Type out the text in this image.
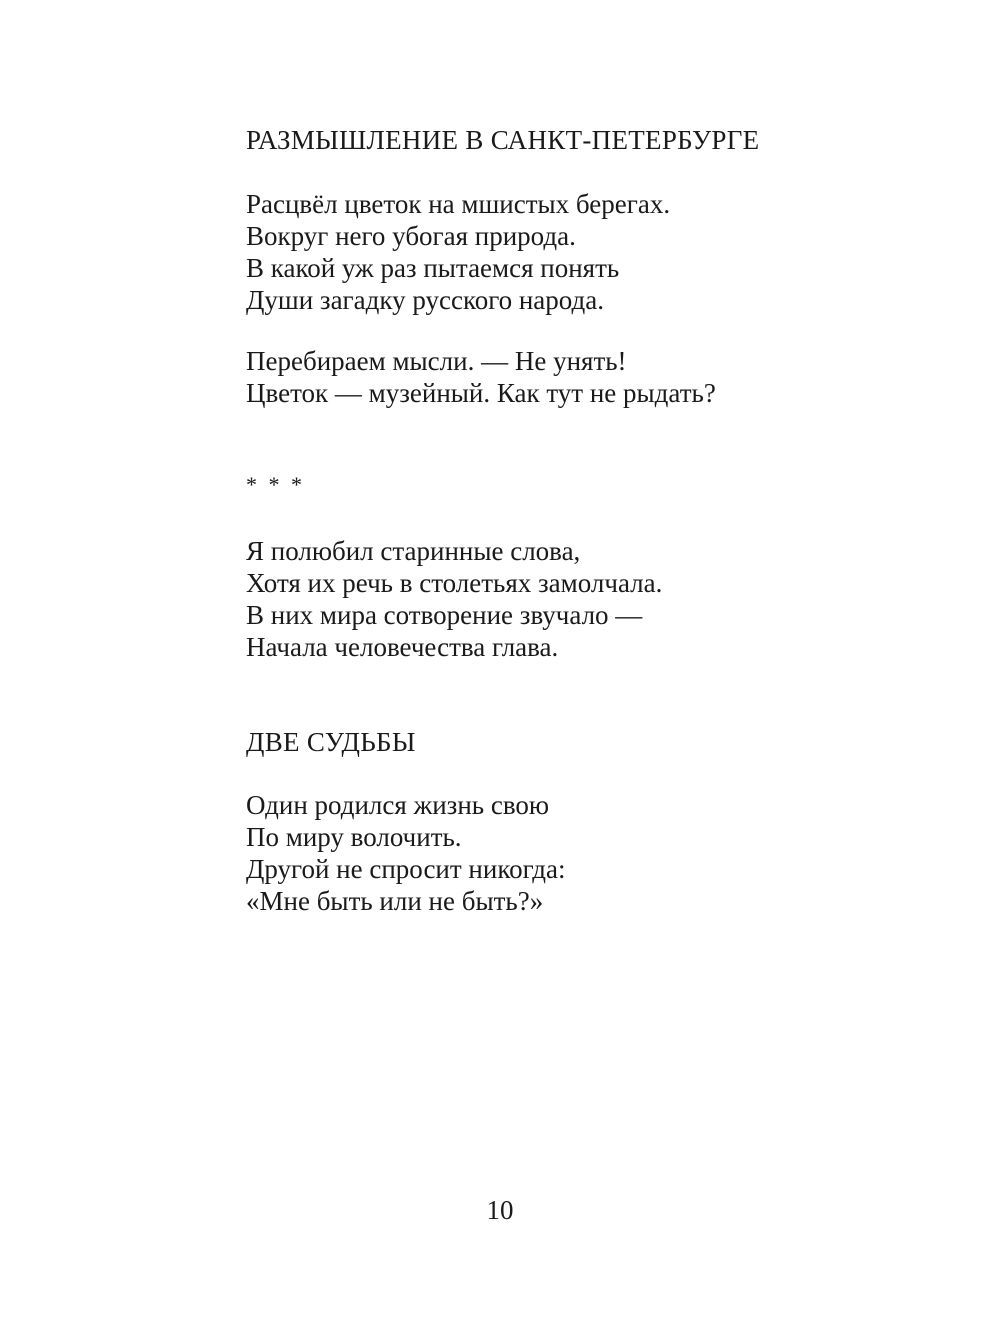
РАЗМЫШЛЕНИЕ В САНКТ-ПЕТЕРБУРГЕ
Расцвёл цветок на мшистых берегах.
Вокруг него убогая природа.
В какой уж раз пытаемся понять
Души загадку русского народа.
Перебираем мысли. — Не унять!
Цветок — музейный. Как тут не рыдать?
* * *
Я полюбил старинные слова,
Хотя их речь в столетьях замолчала.
В них мира сотворение звучало —
Начала человечества глава.
ДВЕ СУДЬБЫ
Один родился жизнь свою
По миру волочить.
Другой не спросит никогда:
«Мне быть или не быть?»
10
